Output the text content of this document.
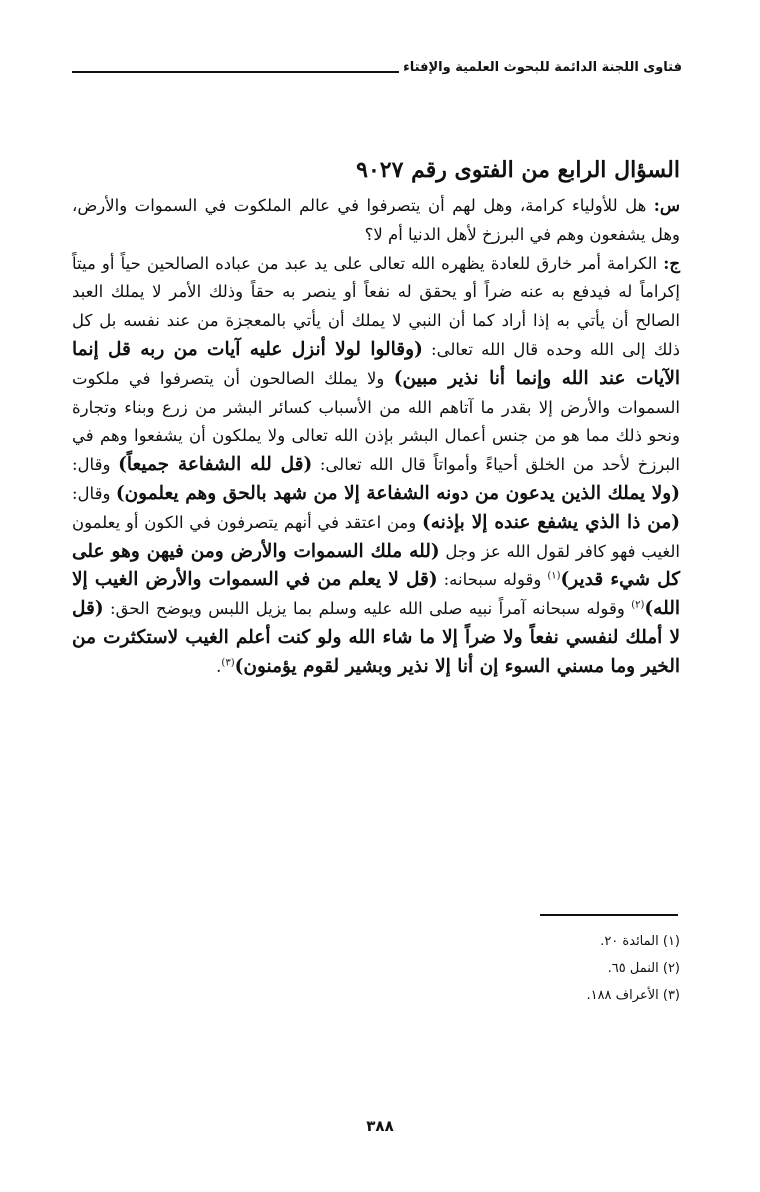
فتاوى اللجنة الدائمة للبحوث العلمية والإفتاء

السؤال الرابع من الفتوى رقم ٩٠٢٧

س: هل للأولياء كرامة، وهل لهم أن يتصرفوا في عالم الملكوت في السموات والأرض، وهل يشفعون وهم في البرزخ لأهل الدنيا أم لا؟

ج: الكرامة أمر خارق للعادة يظهره الله تعالى على يد عبد من عباده الصالحين حياً أو ميتاً إكراماً له فيدفع به عنه ضراً أو يحقق له نفعاً أو ينصر به حقاً وذلك الأمر لا يملك العبد الصالح أن يأتي به إذا أراد كما أن النبي لا يملك أن يأتي بالمعجزة من عند نفسه بل كل ذلك إلى الله وحده قال الله تعالى: (وقالوا لولا أنزل عليه آيات من ربه قل إنما الآيات عند الله وإنما أنا نذير مبين) ولا يملك الصالحون أن يتصرفوا في ملكوت السموات والأرض إلا بقدر ما آتاهم الله من الأسباب كسائر البشر من زرع وبناء وتجارة ونحو ذلك مما هو من جنس أعمال البشر بإذن الله تعالى ولا يملكون أن يشفعوا وهم في البرزخ لأحد من الخلق أحياءً وأمواتاً قال الله تعالى: (قل لله الشفاعة جميعاً) وقال: (ولا يملك الذين يدعون من دونه الشفاعة إلا من شهد بالحق وهم يعلمون) وقال: (من ذا الذي يشفع عنده إلا بإذنه) ومن اعتقد في أنهم يتصرفون في الكون أو يعلمون الغيب فهو كافر لقول الله عز وجل (لله ملك السموات والأرض ومن فيهن وهو على كل شيء قدير)$^{(١)}$ وقوله سبحانه: (قل لا يعلم من في السموات والأرض الغيب إلا الله)$^{(٢)}$ وقوله سبحانه آمراً نبيه صلى الله عليه وسلم بما يزيل اللبس ويوضح الحق: (قل لا أملك لنفسي نفعاً ولا ضراً إلا ما شاء الله ولو كنت أعلم الغيب لاستكثرت من الخير وما مسني السوء إن أنا إلا نذير وبشير لقوم يؤمنون)$^{(٣)}$.

(١) المائدة ٢٠.
(٢) النمل ٦٥.
(٣) الأعراف ١٨٨.
٣٨٨
